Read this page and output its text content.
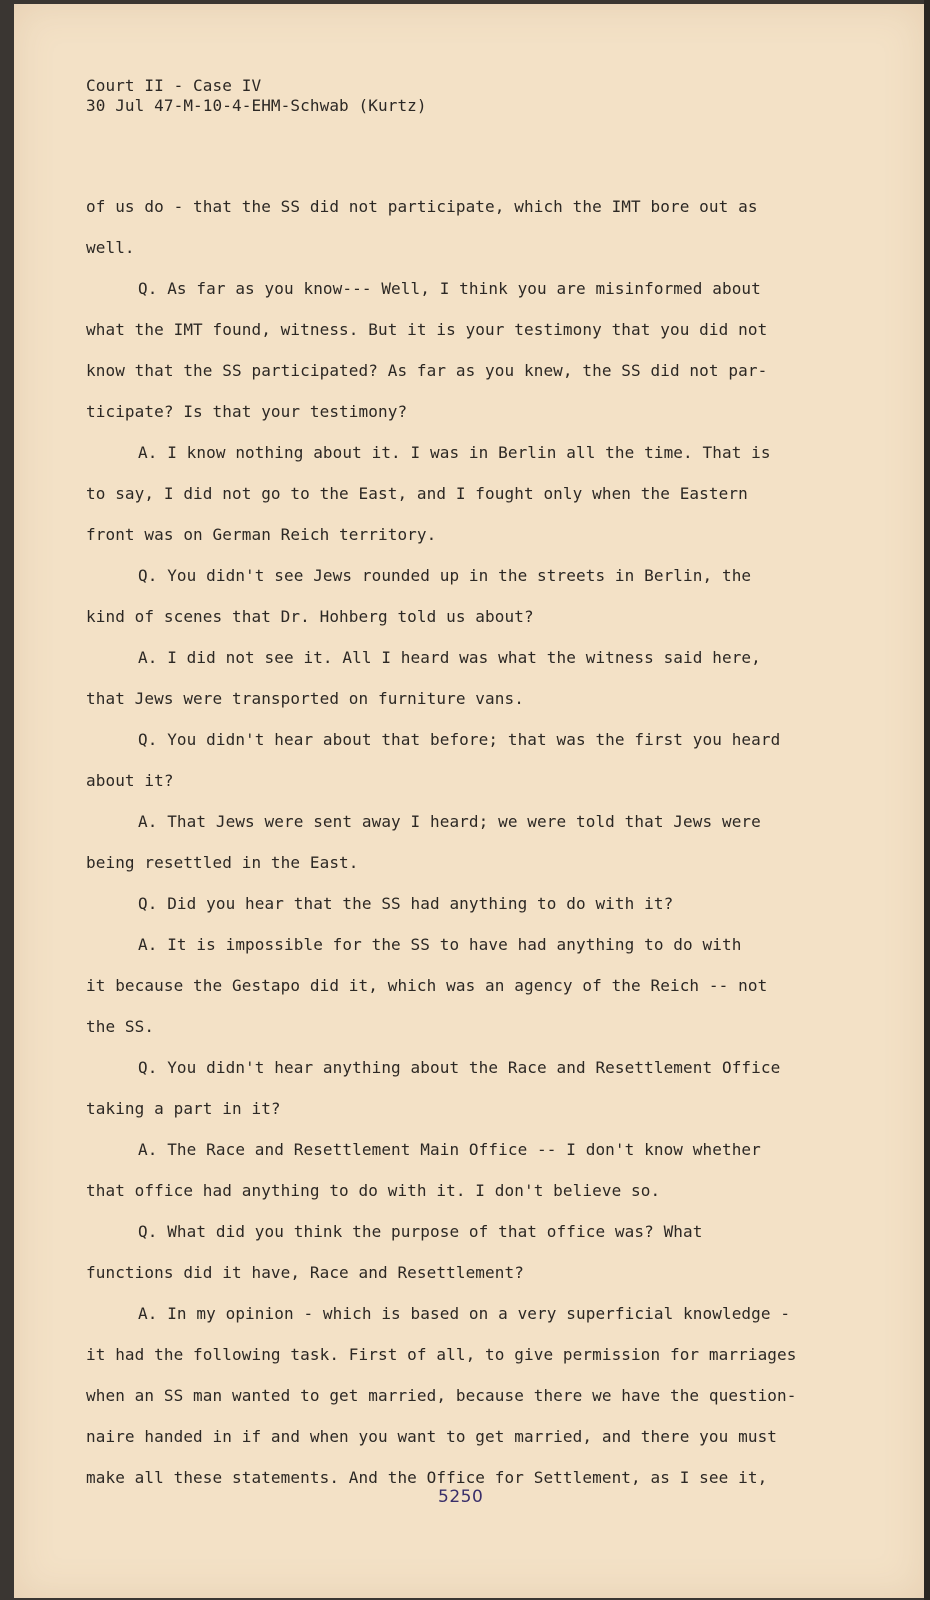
Court II - Case IV
30 Jul 47-M-10-4-EHM-Schwab (Kurtz)
of us do - that the SS did not participate, which the IMT bore out as
well.
Q. As far as you know--- Well, I think you are misinformed about
what the IMT found, witness. But it is your testimony that you did not
know that the SS participated? As far as you knew, the SS did not par-
ticipate? Is that your testimony?
A. I know nothing about it. I was in Berlin all the time. That is
to say, I did not go to the East, and I fought only when the Eastern
front was on German Reich territory.
Q. You didn't see Jews rounded up in the streets in Berlin, the
kind of scenes that Dr. Hohberg told us about?
A. I did not see it. All I heard was what the witness said here,
that Jews were transported on furniture vans.
Q. You didn't hear about that before; that was the first you heard
about it?
A. That Jews were sent away I heard; we were told that Jews were
being resettled in the East.
Q. Did you hear that the SS had anything to do with it?
A. It is impossible for the SS to have had anything to do with
it because the Gestapo did it, which was an agency of the Reich -- not
the SS.
Q. You didn't hear anything about the Race and Resettlement Office
taking a part in it?
A. The Race and Resettlement Main Office -- I don't know whether
that office had anything to do with it. I don't believe so.
Q. What did you think the purpose of that office was? What
functions did it have, Race and Resettlement?
A. In my opinion - which is based on a very superficial knowledge -
it had the following task. First of all, to give permission for marriages
when an SS man wanted to get married, because there we have the question-
naire handed in if and when you want to get married, and there you must
make all these statements. And the Office for Settlement, as I see it,
5250
